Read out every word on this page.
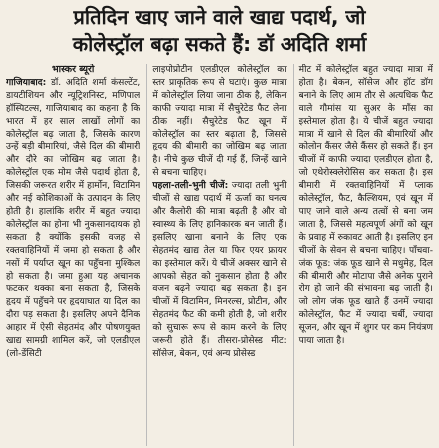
प्रतिदिन खाए जाने वाले खाद्य पदार्थ, जो
कोलेस्ट्रॉल बढ़ा सकते हैं: डॉ अदिति शर्मा
भास्कर ब्यूरो

गाजियाबाद: डॉ. अदिति शर्मा कंसल्टेंट, डायटीशियन और न्यूट्रिशनिस्ट, मणिपाल हॉस्पिटल्स, गाजियाबाद का कहना है कि भारत में हर साल लाखों लोगों का कोलेस्ट्रॉल बढ़ जाता है, जिसके कारण उन्हें बड़ी बीमारियां, जैसे दिल की बीमारी और दौरे का जोखिम बढ़ जाता है। कोलेस्ट्रॉल एक मोम जैसे पदार्थ होता है, जिसकी जरूरत शरीर में हार्मोन, विटामिन और नई कोशिकाओं के उत्पादन के लिए होती है। हालांकि शरीर में बहुत ज्यादा कोलेस्ट्रॉल का होना भी नुकसानदायक हो सकता है क्योंकि इसकी वजह से रक्तवाहिनियों में जमा हो सकता है और नसों में पर्याप्त खून का पहुँचना मुश्किल हो सकता है। जमा हुआ यह अचानक फटकर थक्का बना सकता है, जिसके हृदय में पहुँचने पर हृदयाघात या दिल का दौरा पड़ सकता है। इसलिए अपने दैनिक आहार में ऐसी सेहतमंद और पोषणयुक्त खाद्य सामग्री शामिल करें, जो एलडीएल (लो-डेंसिटी

लाइपोप्रोटीन एलडीएल कोलेस्ट्रॉल का स्तर प्राकृतिक रूप से घटाएं। कुछ मात्रा में कोलेस्ट्रॉल लिया जाना ठीक है, लेकिन काफी ज्यादा मात्रा में सैचुरेटेड फैट लेना ठीक नहीं। सैचुरेटेड फैट खून में कोलेस्ट्रॉल का स्तर बढ़ाता है, जिससे हृदय की बीमारी का जोखिम बढ़ जाता है। नीचे कुछ चीजें दी गई हैं, जिन्हें खाने से बचना चाहिए।

पहला-तली-भुनी चीजें: ज्यादा तली भुनी चीजों से खाद्य पदार्थ में ऊर्जा का घनत्व और कैलोरी की मात्रा बढ़ती है और वो स्वास्थ्य के लिए हानिकारक बन जाती हैं। इसलिए खाना बनाने के लिए एक सेहतमंद खाद्य तेल या फिर एयर फ्रायर का इस्तेमाल करें। ये चीजें अक्सर खाने से आपको सेहत को नुकसान होता है और वजन बढ़ने ज्यादा बढ़ सकता है। इन चीजों में विटामिन, मिनरल्स, प्रोटीन, और सेहतमंद फैट की कमी होती है, जो शरीर को सुचारू रूप से काम करने के लिए जरूरी होते हैं। तीसरा-प्रोसेस्ड मीट: सॉसेज, बेकन, एवं अन्य प्रोसेस्ड

मीट में कोलेस्ट्रॉल बहुत ज्यादा मात्रा में होता है। बेकन, सॉसेज और हॉट डॉग बनाने के लिए आम तौर से अत्यधिक फैट वाले गौमांस या सुअर के माँस का इस्तेमाल होता है। ये चीजें बहुत ज्यादा मात्रा में खाने से दिल की बीमारियों और कोलोन कैंसर जैसे कैंसर हो सकते हैं। इन चीजों में काफी ज्यादा एलडीएल होता है, जो एथेरोस्क्लेरोसिस कर सकता है। इस बीमारी में रक्तवाहिनियों में प्लाक कोलेस्ट्रॉल, फैट, कैल्शियम, एवं खून में पाए जाने वाले अन्य तत्वों से बना जम जाता है, जिससे महत्वपूर्ण अंगों को खून के प्रवाह में रुकावट आती है। इसलिए इन चीजों के सेवन से बचना चाहिए। पाँचवा-जंक फूड: जंक फूड खाने से मधुमेह, दिल की बीमारी और मोटापा जैसे अनेक पुराने रोग हो जाने की संभावना बढ़ जाती है। जो लोग जंक फूड खाते हैं उनमें ज्यादा कोलेस्ट्रॉल, फैट में ज्यादा चर्बी, ज्यादा सूजन, और खून में शुगर पर कम नियंत्रण पाया जाता है।
